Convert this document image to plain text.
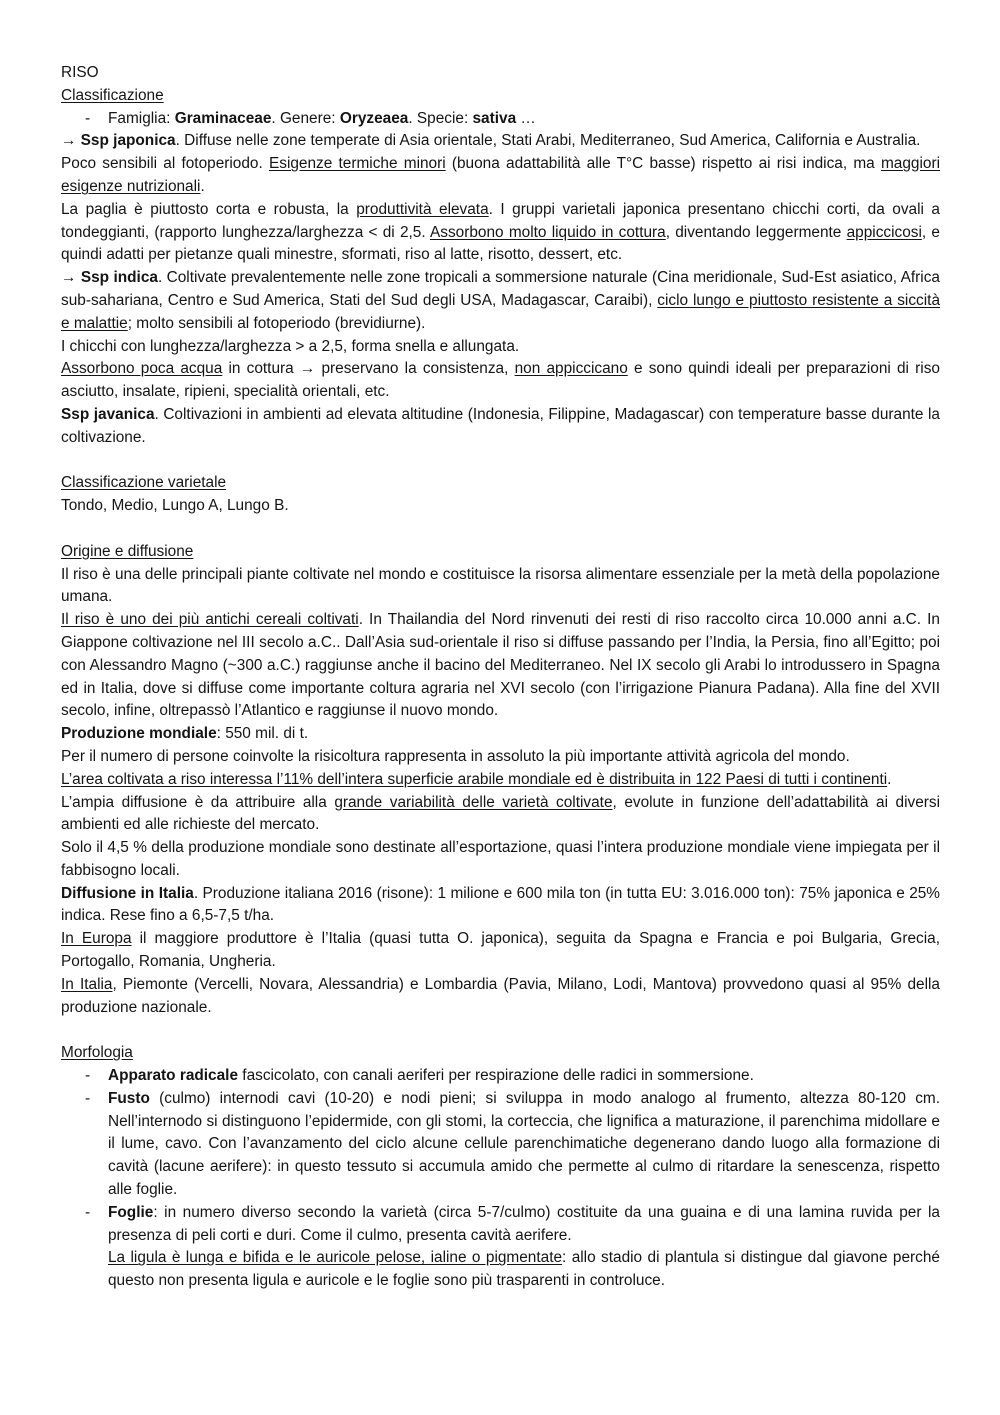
RISO

Classificazione

-	Famiglia: Graminaceae. Genere: Oryzeaea. Specie: sativa …

→ Ssp japonica. Diffuse nelle zone temperate di Asia orientale, Stati Arabi, Mediterraneo, Sud America, California e Australia.

Poco sensibili al fotoperiodo. Esigenze termiche minori (buona adattabilità alle T°C basse) rispetto ai risi indica, ma maggiori esigenze nutrizionali.

La paglia è piuttosto corta e robusta, la produttività elevata. I gruppi varietali japonica presentano chicchi corti, da ovali a tondeggianti, (rapporto lunghezza/larghezza < di 2,5. Assorbono molto liquido in cottura, diventando leggermente appiccicosi, e quindi adatti per pietanze quali minestre, sformati, riso al latte, risotto, dessert, etc.

→ Ssp indica. Coltivate prevalentemente nelle zone tropicali a sommersione naturale (Cina meridionale, Sud-Est asiatico, Africa sub-sahariana, Centro e Sud America, Stati del Sud degli USA, Madagascar, Caraibi), ciclo lungo e piuttosto resistente a siccità e malattie; molto sensibili al fotoperiodo (brevidiurne).

I chicchi con lunghezza/larghezza > a 2,5, forma snella e allungata.

Assorbono poca acqua in cottura → preservano la consistenza, non appiccicano e sono quindi ideali per preparazioni di riso asciutto, insalate, ripieni, specialità orientali, etc.

Ssp javanica. Coltivazioni in ambienti ad elevata altitudine (Indonesia, Filippine, Madagascar) con temperature basse durante la coltivazione.

Classificazione varietale

Tondo, Medio, Lungo A, Lungo B.

Origine e diffusione

Il riso è una delle principali piante coltivate nel mondo e costituisce la risorsa alimentare essenziale per la metà della popolazione umana.

Il riso è uno dei più antichi cereali coltivati. In Thailandia del Nord rinvenuti dei resti di riso raccolto circa 10.000 anni a.C. In Giappone coltivazione nel III secolo a.C.. Dall’Asia sud-orientale il riso si diffuse passando per l’India, la Persia, fino all’Egitto; poi con Alessandro Magno (~300 a.C.) raggiunse anche il bacino del Mediterraneo. Nel IX secolo gli Arabi lo introdussero in Spagna ed in Italia, dove si diffuse come importante coltura agraria nel XVI secolo (con l’irrigazione Pianura Padana). Alla fine del XVII secolo, infine, oltrepassò l’Atlantico e raggiunse il nuovo mondo.

Produzione mondiale: 550 mil. di t.

Per il numero di persone coinvolte la risicoltura rappresenta in assoluto la più importante attività agricola del mondo.

L’area coltivata a riso interessa l’11% dell’intera superficie arabile mondiale ed è distribuita in 122 Paesi di tutti i continenti.

L’ampia diffusione è da attribuire alla grande variabilità delle varietà coltivate, evolute in funzione dell’adattabilità ai diversi ambienti ed alle richieste del mercato.

Solo il 4,5 % della produzione mondiale sono destinate all’esportazione, quasi l’intera produzione mondiale viene impiegata per il fabbisogno locali.

Diffusione in Italia. Produzione italiana 2016 (risone): 1 milione e 600 mila ton (in tutta EU: 3.016.000 ton): 75% japonica e 25% indica. Rese fino a 6,5-7,5 t/ha.

In Europa il maggiore produttore è l’Italia (quasi tutta O. japonica), seguita da Spagna e Francia e poi Bulgaria, Grecia, Portogallo, Romania, Ungheria.

In Italia, Piemonte (Vercelli, Novara, Alessandria) e Lombardia (Pavia, Milano, Lodi, Mantova) provvedono quasi al 95% della produzione nazionale.

Morfologia

-	Apparato radicale fascicolato, con canali aeriferi per respirazione delle radici in sommersione.
-	Fusto (culmo) internodi cavi (10-20) e nodi pieni; si sviluppa in modo analogo al frumento, altezza 80-120 cm. Nell’internodo si distinguono l’epidermide, con gli stomi, la corteccia, che lignifica a maturazione, il parenchima midollare e il lume, cavo. Con l’avanzamento del ciclo alcune cellule parenchimatiche degenerano dando luogo alla formazione di cavità (lacune aerifere): in questo tessuto si accumula amido che permette al culmo di ritardare la senescenza, rispetto alle foglie.
-	Foglie: in numero diverso secondo la varietà (circa 5-7/culmo) costituite da una guaina e di una lamina ruvida per la presenza di peli corti e duri. Come il culmo, presenta cavità aerifere.
La ligula è lunga e bifida e le auricole pelose, ialine o pigmentate: allo stadio di plantula si distingue dal giavone perché questo non presenta ligula e auricole e le foglie sono più trasparenti in controluce.
